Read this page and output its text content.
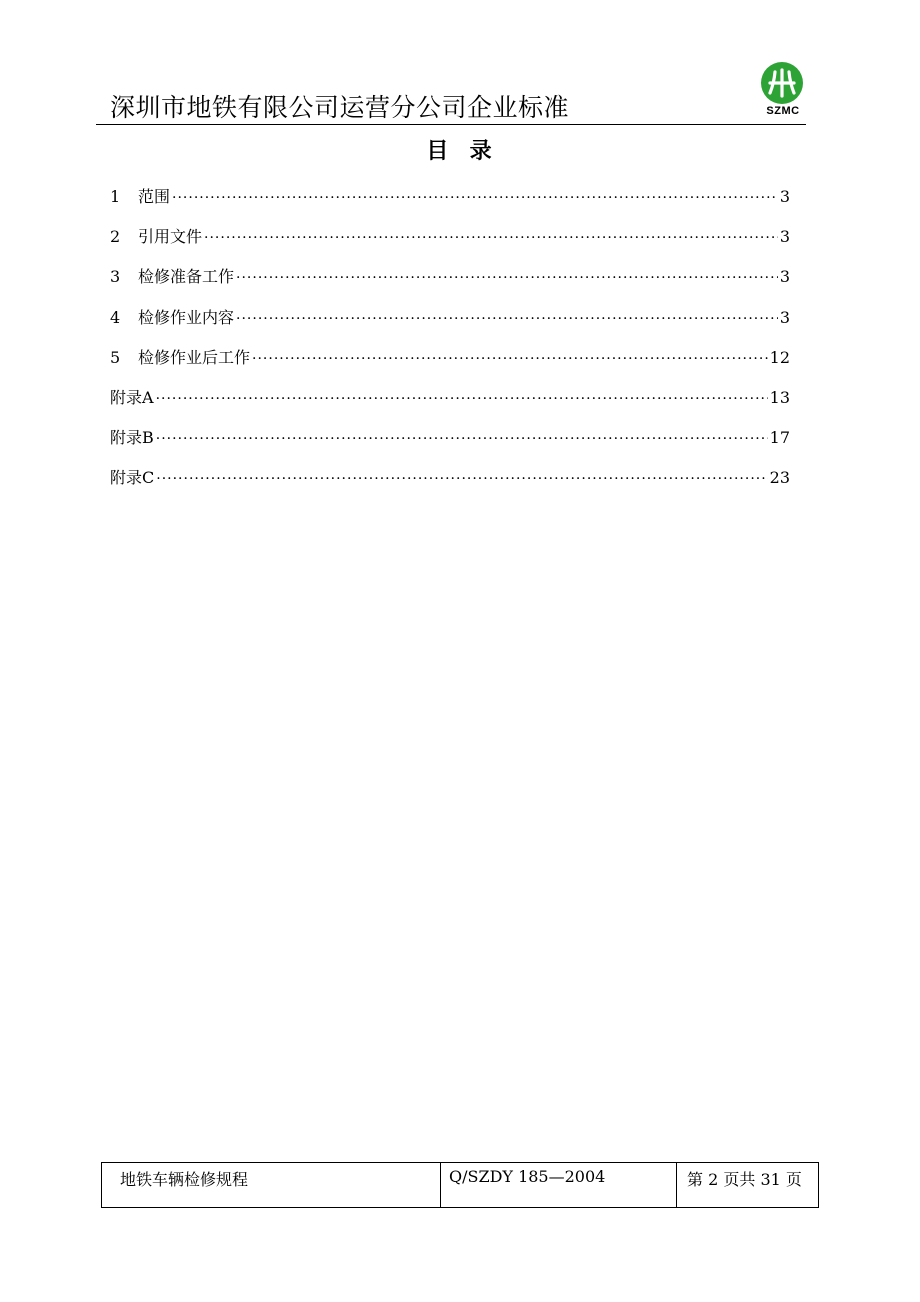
深圳市地铁有限公司运营分公司企业标准	SZMC
目  录
1	范围 ·····	3
2	引用文件 ·····	3
3	检修准备工作 ·····	3
4	检修作业内容 ·····	3
5	检修作业后工作 ·····	12
附录A ·····	13
附录B ·····	17
附录C ·····	23
地铁车辆检修规程	Q/SZDY 185—2004	第 2 页共 31 页
